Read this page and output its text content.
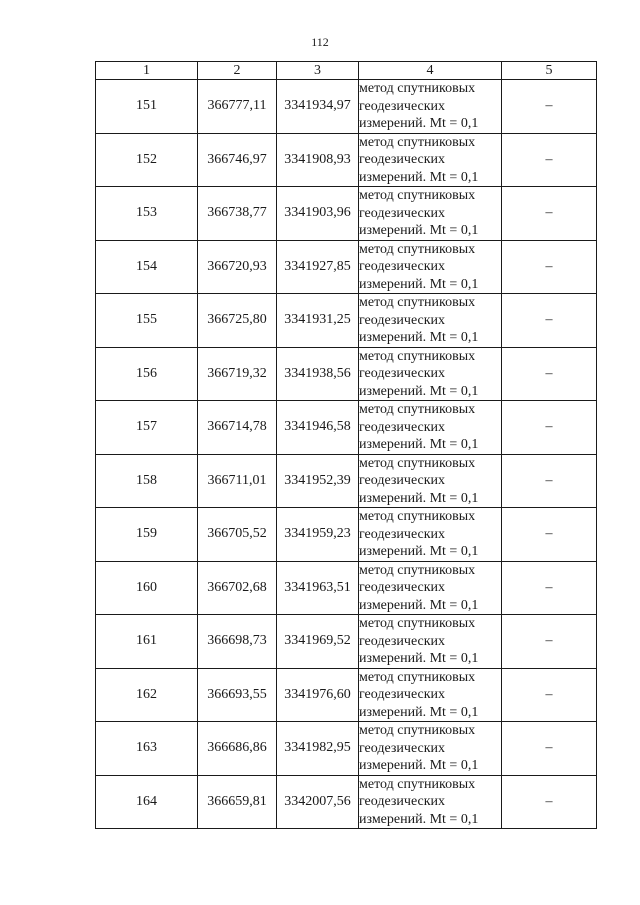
112
1	2	3	4	5
151	366777,11	3341934,97	метод спутниковых
геодезических
измерений. Mt = 0,1	–
152	366746,97	3341908,93	метод спутниковых
геодезических
измерений. Mt = 0,1	–
153	366738,77	3341903,96	метод спутниковых
геодезических
измерений. Mt = 0,1	–
154	366720,93	3341927,85	метод спутниковых
геодезических
измерений. Mt = 0,1	–
155	366725,80	3341931,25	метод спутниковых
геодезических
измерений. Mt = 0,1	–
156	366719,32	3341938,56	метод спутниковых
геодезических
измерений. Mt = 0,1	–
157	366714,78	3341946,58	метод спутниковых
геодезических
измерений. Mt = 0,1	–
158	366711,01	3341952,39	метод спутниковых
геодезических
измерений. Mt = 0,1	–
159	366705,52	3341959,23	метод спутниковых
геодезических
измерений. Mt = 0,1	–
160	366702,68	3341963,51	метод спутниковых
геодезических
измерений. Mt = 0,1	–
161	366698,73	3341969,52	метод спутниковых
геодезических
измерений. Mt = 0,1	–
162	366693,55	3341976,60	метод спутниковых
геодезических
измерений. Mt = 0,1	–
163	366686,86	3341982,95	метод спутниковых
геодезических
измерений. Mt = 0,1	–
164	366659,81	3342007,56	метод спутниковых
геодезических
измерений. Mt = 0,1	–
